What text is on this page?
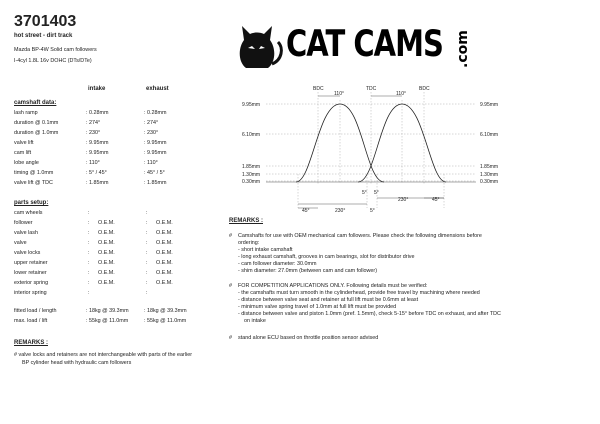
3701403
hot street - dirt track
Mazda BP-4W Solid cam followers
I-4cyl 1.8L 16v DOHC (DTs/DTe)	CAT CAMS .com
intake	exhaust
camshaft data:
lash ramp	: 0.28mm	: 0.28mm
duration @ 0.1mm	: 274°	: 274°
duration @ 1.0mm	: 230°	: 230°
valve lift	: 9.95mm	: 9.95mm
cam lift	: 9.95mm	: 9.95mm
lobe angle	: 110°	: 110°
timing @ 1.0mm	: 5° / 45°	: 45° / 5°
valve lift @ TDC	: 1.85mm	: 1.85mm
parts setup:
cam wheels	:	:
follower	: O.E.M.	: O.E.M.
valve lash	: O.E.M.	: O.E.M.
valve	: O.E.M.	: O.E.M.
valve locks	: O.E.M.	: O.E.M.
upper retainer	: O.E.M.	: O.E.M.
lower retainer	: O.E.M.	: O.E.M.
exterior spring	: O.E.M.	: O.E.M.
interior spring	:	:
fitted load / length	: 18kg @ 39.3mm	: 18kg @ 39.3mm
max. load / lift	: 55kg @ 11.0mm	: 55kg @ 11.0mm
REMARKS :
# valve locks and retainers are not interchangeable with parts of the earlier
BP cylinder head with hydraulic cam followers
BDC	TDC	BDC
110°	110°
9.95mm
6.10mm
1.85mm
1.30mm
0.30mm
9.95mm
6.10mm
1.85mm
1.30mm
0.30mm
5° 5°
45°	230°	5°
230°	45°
REMARKS :
# Camshafts for use with OEM mechanical cam followers. Please check the following dimensions before
ordering:
- short intake camshaft
- long exhaust camshaft, grooves in cam bearings, slot for distributor drive
- cam follower diameter: 30.0mm
- shim diameter: 27.0mm (between cam and cam follower)
# FOR COMPETITION APPLICATIONS ONLY. Following details must be verified:
- the camshafts must turn smooth in the cylinderhead, provide free travel by machining where needed
- distance between valve seat and retainer at full lift must be 0.6mm at least
- minimum valve spring travel of 1.0mm at full lift must be provided
- distance between valve and piston 1.0mm (pref. 1.5mm), check 5-15° before TDC on exhaust, and after TDC
on intake
# stand alone ECU based on throttle position sensor advised
